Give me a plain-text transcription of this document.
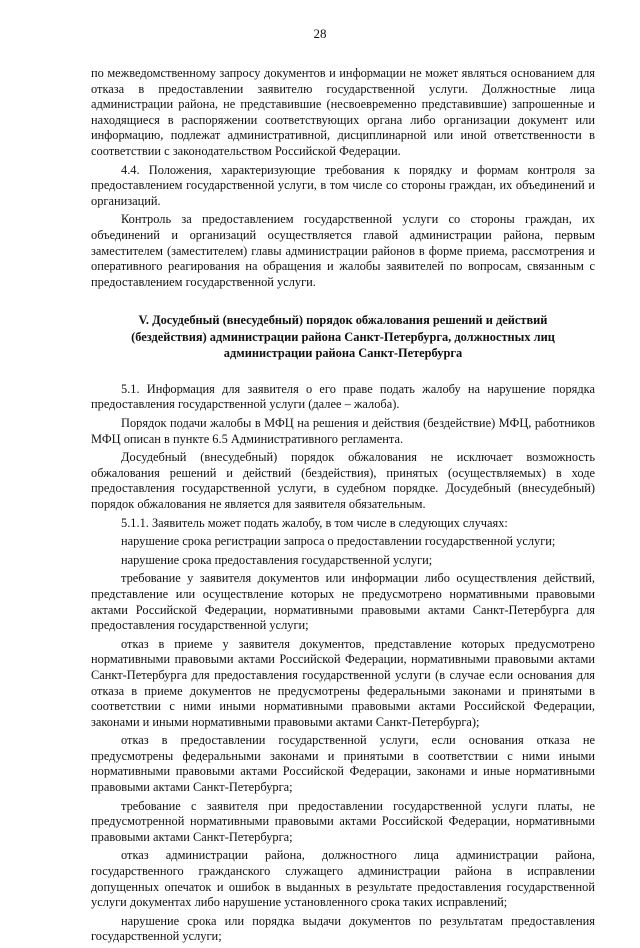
28

по межведомственному запросу документов и информации не может являться основанием для отказа в предоставлении заявителю государственной услуги. Должностные лица администрации района, не представившие (несвоевременно представившие) запрошенные и находящиеся в распоряжении соответствующих органа либо организации документ или информацию, подлежат административной, дисциплинарной или иной ответственности в соответствии с законодательством Российской Федерации.

4.4. Положения, характеризующие требования к порядку и формам контроля за предоставлением государственной услуги, в том числе со стороны граждан, их объединений и организаций.

Контроль за предоставлением государственной услуги со стороны граждан, их объединений и организаций осуществляется главой администрации района, первым заместителем (заместителем) главы администрации районов в форме приема, рассмотрения и оперативного реагирования на обращения и жалобы заявителей по вопросам, связанным с предоставлением государственной услуги.

V. Досудебный (внесудебный) порядок обжалования решений и действий (бездействия) администрации района Санкт-Петербурга, должностных лиц администрации района Санкт-Петербурга

5.1. Информация для заявителя о его праве подать жалобу на нарушение порядка предоставления государственной услуги (далее – жалоба).

Порядок подачи жалобы в МФЦ на решения и действия (бездействие) МФЦ, работников МФЦ описан в пункте 6.5 Административного регламента.

Досудебный (внесудебный) порядок обжалования не исключает возможность обжалования решений и действий (бездействия), принятых (осуществляемых) в ходе предоставления государственной услуги, в судебном порядке. Досудебный (внесудебный) порядок обжалования не является для заявителя обязательным.

5.1.1. Заявитель может подать жалобу, в том числе в следующих случаях:

нарушение срока регистрации запроса о предоставлении государственной услуги;

нарушение срока предоставления государственной услуги;

требование у заявителя документов или информации либо осуществления действий, представление или осуществление которых не предусмотрено нормативными правовыми актами Российской Федерации, нормативными правовыми актами Санкт-Петербурга для предоставления государственной услуги;

отказ в приеме у заявителя документов, представление которых предусмотрено нормативными правовыми актами Российской Федерации, нормативными правовыми актами Санкт-Петербурга для предоставления государственной услуги (в случае если основания для отказа в приеме документов не предусмотрены федеральными законами и принятыми в соответствии с ними иными нормативными правовыми актами Российской Федерации, законами и иными нормативными правовыми актами Санкт-Петербурга);

отказ в предоставлении государственной услуги, если основания отказа не предусмотрены федеральными законами и принятыми в соответствии с ними иными нормативными правовыми актами Российской Федерации, законами и иные нормативными правовыми актами Санкт-Петербурга;

требование с заявителя при предоставлении государственной услуги платы, не предусмотренной нормативными правовыми актами Российской Федерации, нормативными правовыми актами Санкт-Петербурга;

отказ администрации района, должностного лица администрации района, государственного гражданского служащего администрации района в исправлении допущенных опечаток и ошибок в выданных в результате предоставления государственной услуги документах либо нарушение установленного срока таких исправлений;

нарушение срока или порядка выдачи документов по результатам предоставления государственной услуги;
